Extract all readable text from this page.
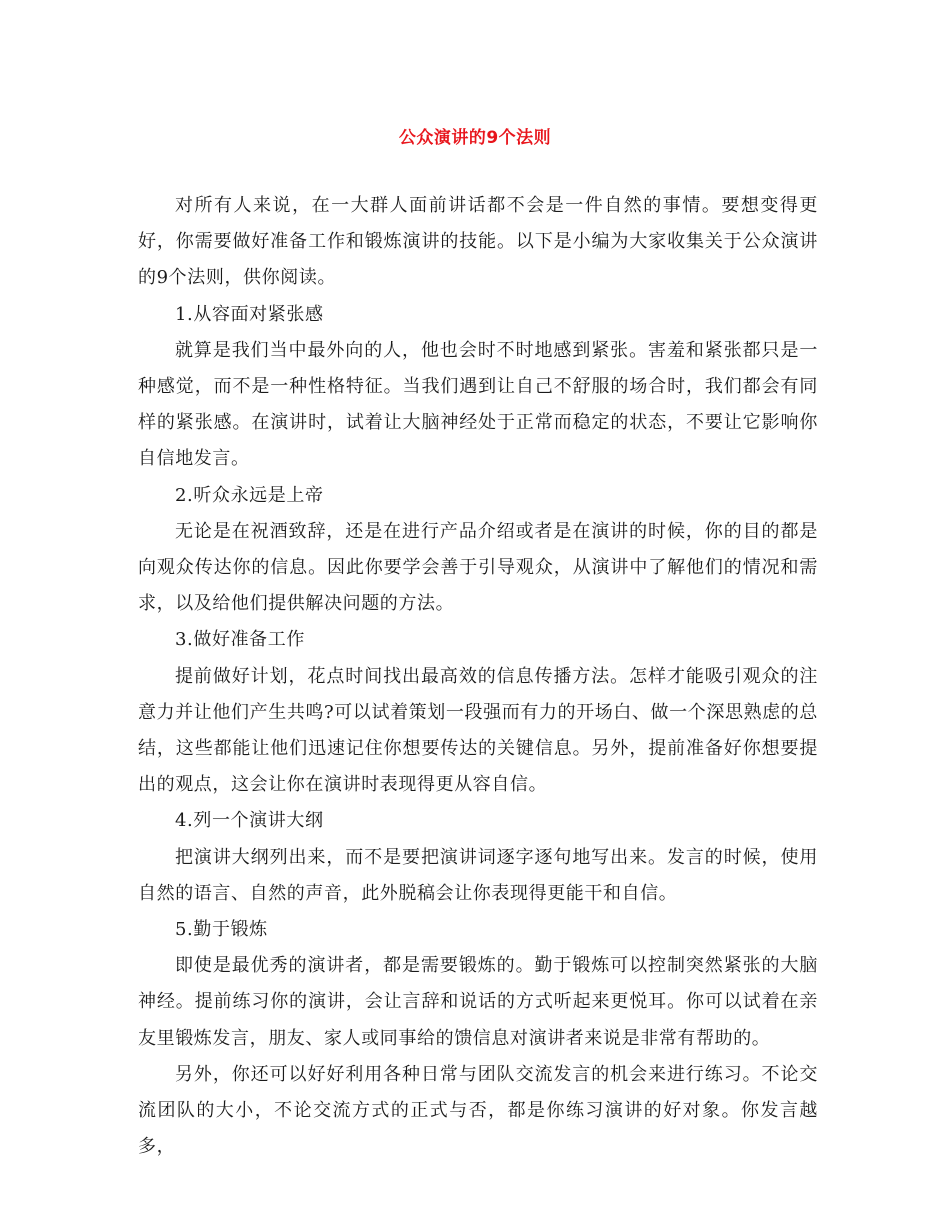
公众演讲的9个法则

对所有人来说，在一大群人面前讲话都不会是一件自然的事情。要想变得更好，你需要做好准备工作和锻炼演讲的技能。以下是小编为大家收集关于公众演讲的9个法则，供你阅读。

1.从容面对紧张感

就算是我们当中最外向的人，他也会时不时地感到紧张。害羞和紧张都只是一种感觉，而不是一种性格特征。当我们遇到让自己不舒服的场合时，我们都会有同样的紧张感。在演讲时，试着让大脑神经处于正常而稳定的状态，不要让它影响你自信地发言。

2.听众永远是上帝

无论是在祝酒致辞，还是在进行产品介绍或者是在演讲的时候，你的目的都是向观众传达你的信息。因此你要学会善于引导观众，从演讲中了解他们的情况和需求，以及给他们提供解决问题的方法。

3.做好准备工作

提前做好计划，花点时间找出最高效的信息传播方法。怎样才能吸引观众的注意力并让他们产生共鸣?可以试着策划一段强而有力的开场白、做一个深思熟虑的总结，这些都能让他们迅速记住你想要传达的关键信息。另外，提前准备好你想要提出的观点，这会让你在演讲时表现得更从容自信。

4.列一个演讲大纲

把演讲大纲列出来，而不是要把演讲词逐字逐句地写出来。发言的时候，使用自然的语言、自然的声音，此外脱稿会让你表现得更能干和自信。

5.勤于锻炼

即使是最优秀的演讲者，都是需要锻炼的。勤于锻炼可以控制突然紧张的大脑神经。提前练习你的演讲，会让言辞和说话的方式听起来更悦耳。你可以试着在亲友里锻炼发言，朋友、家人或同事给的馈信息对演讲者来说是非常有帮助的。

另外，你还可以好好利用各种日常与团队交流发言的机会来进行练习。不论交流团队的大小，不论交流方式的正式与否，都是你练习演讲的好对象。你发言越多，
